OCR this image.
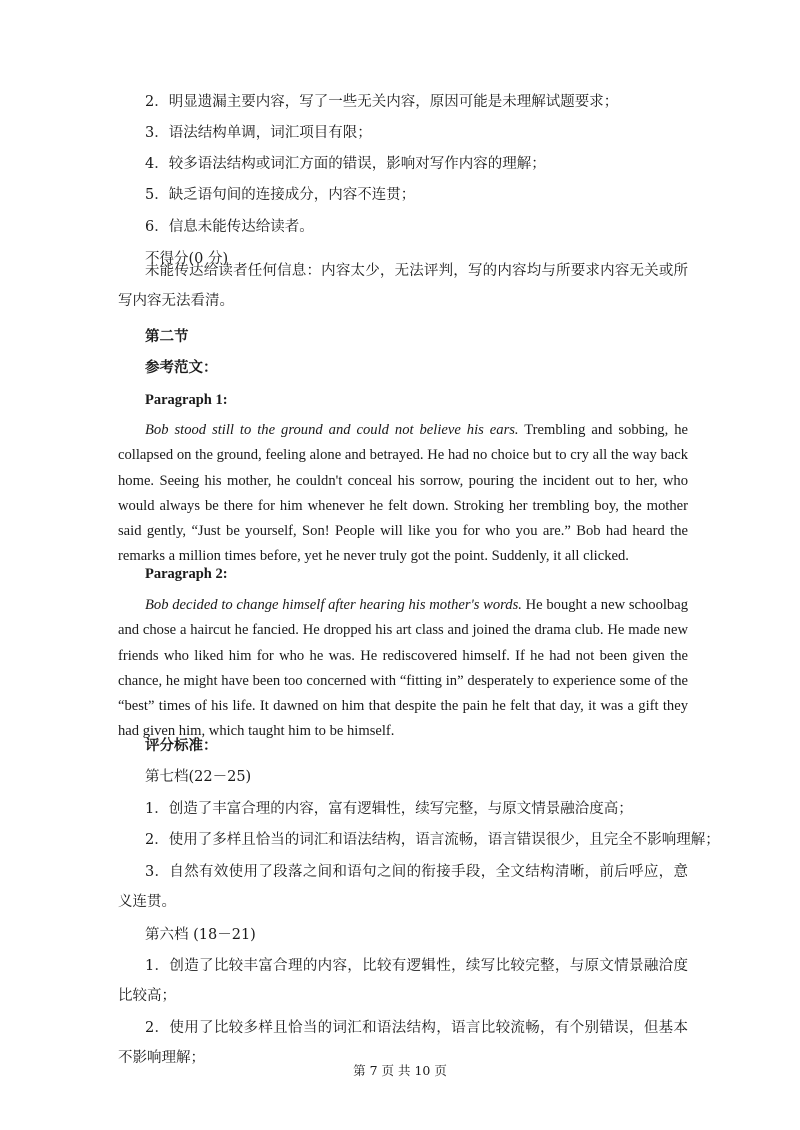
2．明显遗漏主要内容，写了一些无关内容，原因可能是未理解试题要求；
3．语法结构单调，词汇项目有限；
4．较多语法结构或词汇方面的错误，影响对写作内容的理解；
5．缺乏语句间的连接成分，内容不连贯；
6．信息未能传达给读者。
不得分(0 分)
未能传达给读者任何信息：内容太少，无法评判，写的内容均与所要求内容无关或所写内容无法看清。
第二节
参考范文：
Paragraph 1:
Bob stood still to the ground and could not believe his ears. Trembling and sobbing, he collapsed on the ground, feeling alone and betrayed. He had no choice but to cry all the way back home. Seeing his mother, he couldn't conceal his sorrow, pouring the incident out to her, who would always be there for him whenever he felt down. Stroking her trembling boy, the mother said gently, “Just be yourself, Son! People will like you for who you are.” Bob had heard the remarks a million times before, yet he never truly got the point. Suddenly, it all clicked.
Paragraph 2:
Bob decided to change himself after hearing his mother's words. He bought a new schoolbag and chose a haircut he fancied. He dropped his art class and joined the drama club. He made new friends who liked him for who he was. He rediscovered himself. If he had not been given the chance, he might have been too concerned with “fitting in” desperately to experience some of the “best” times of his life. It dawned on him that despite the pain he felt that day, it was a gift they had given him, which taught him to be himself.
评分标准：
第七档(22－25)
1．创造了丰富合理的内容，富有逻辑性，续写完整，与原文情景融洽度高；
2．使用了多样且恰当的词汇和语法结构，语言流畅，语言错误很少，且完全不影响理解；
3．自然有效使用了段落之间和语句之间的衔接手段，全文结构清晰，前后呼应，意义连贯。
第六档 (18－21)
1．创造了比较丰富合理的内容，比较有逻辑性，续写比较完整，与原文情景融洽度比较高；
2．使用了比较多样且恰当的词汇和语法结构，语言比较流畅，有个别错误，但基本不影响理解；
第 7 页 共 10 页
